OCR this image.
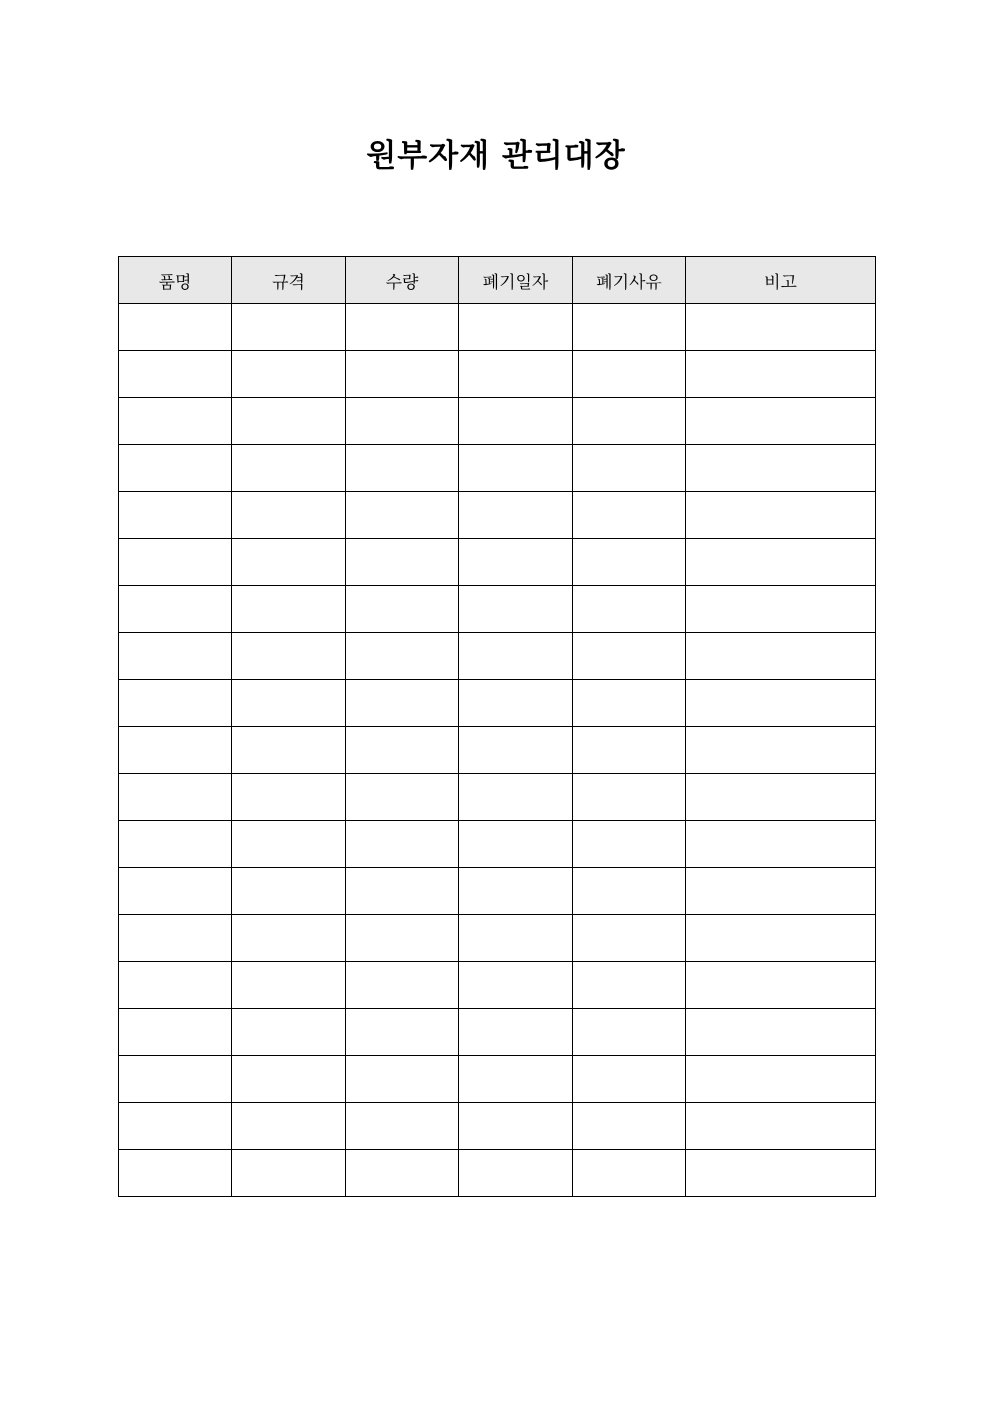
원부자재 관리대장
품명	규격	수량	폐기일자	폐기사유	비고
